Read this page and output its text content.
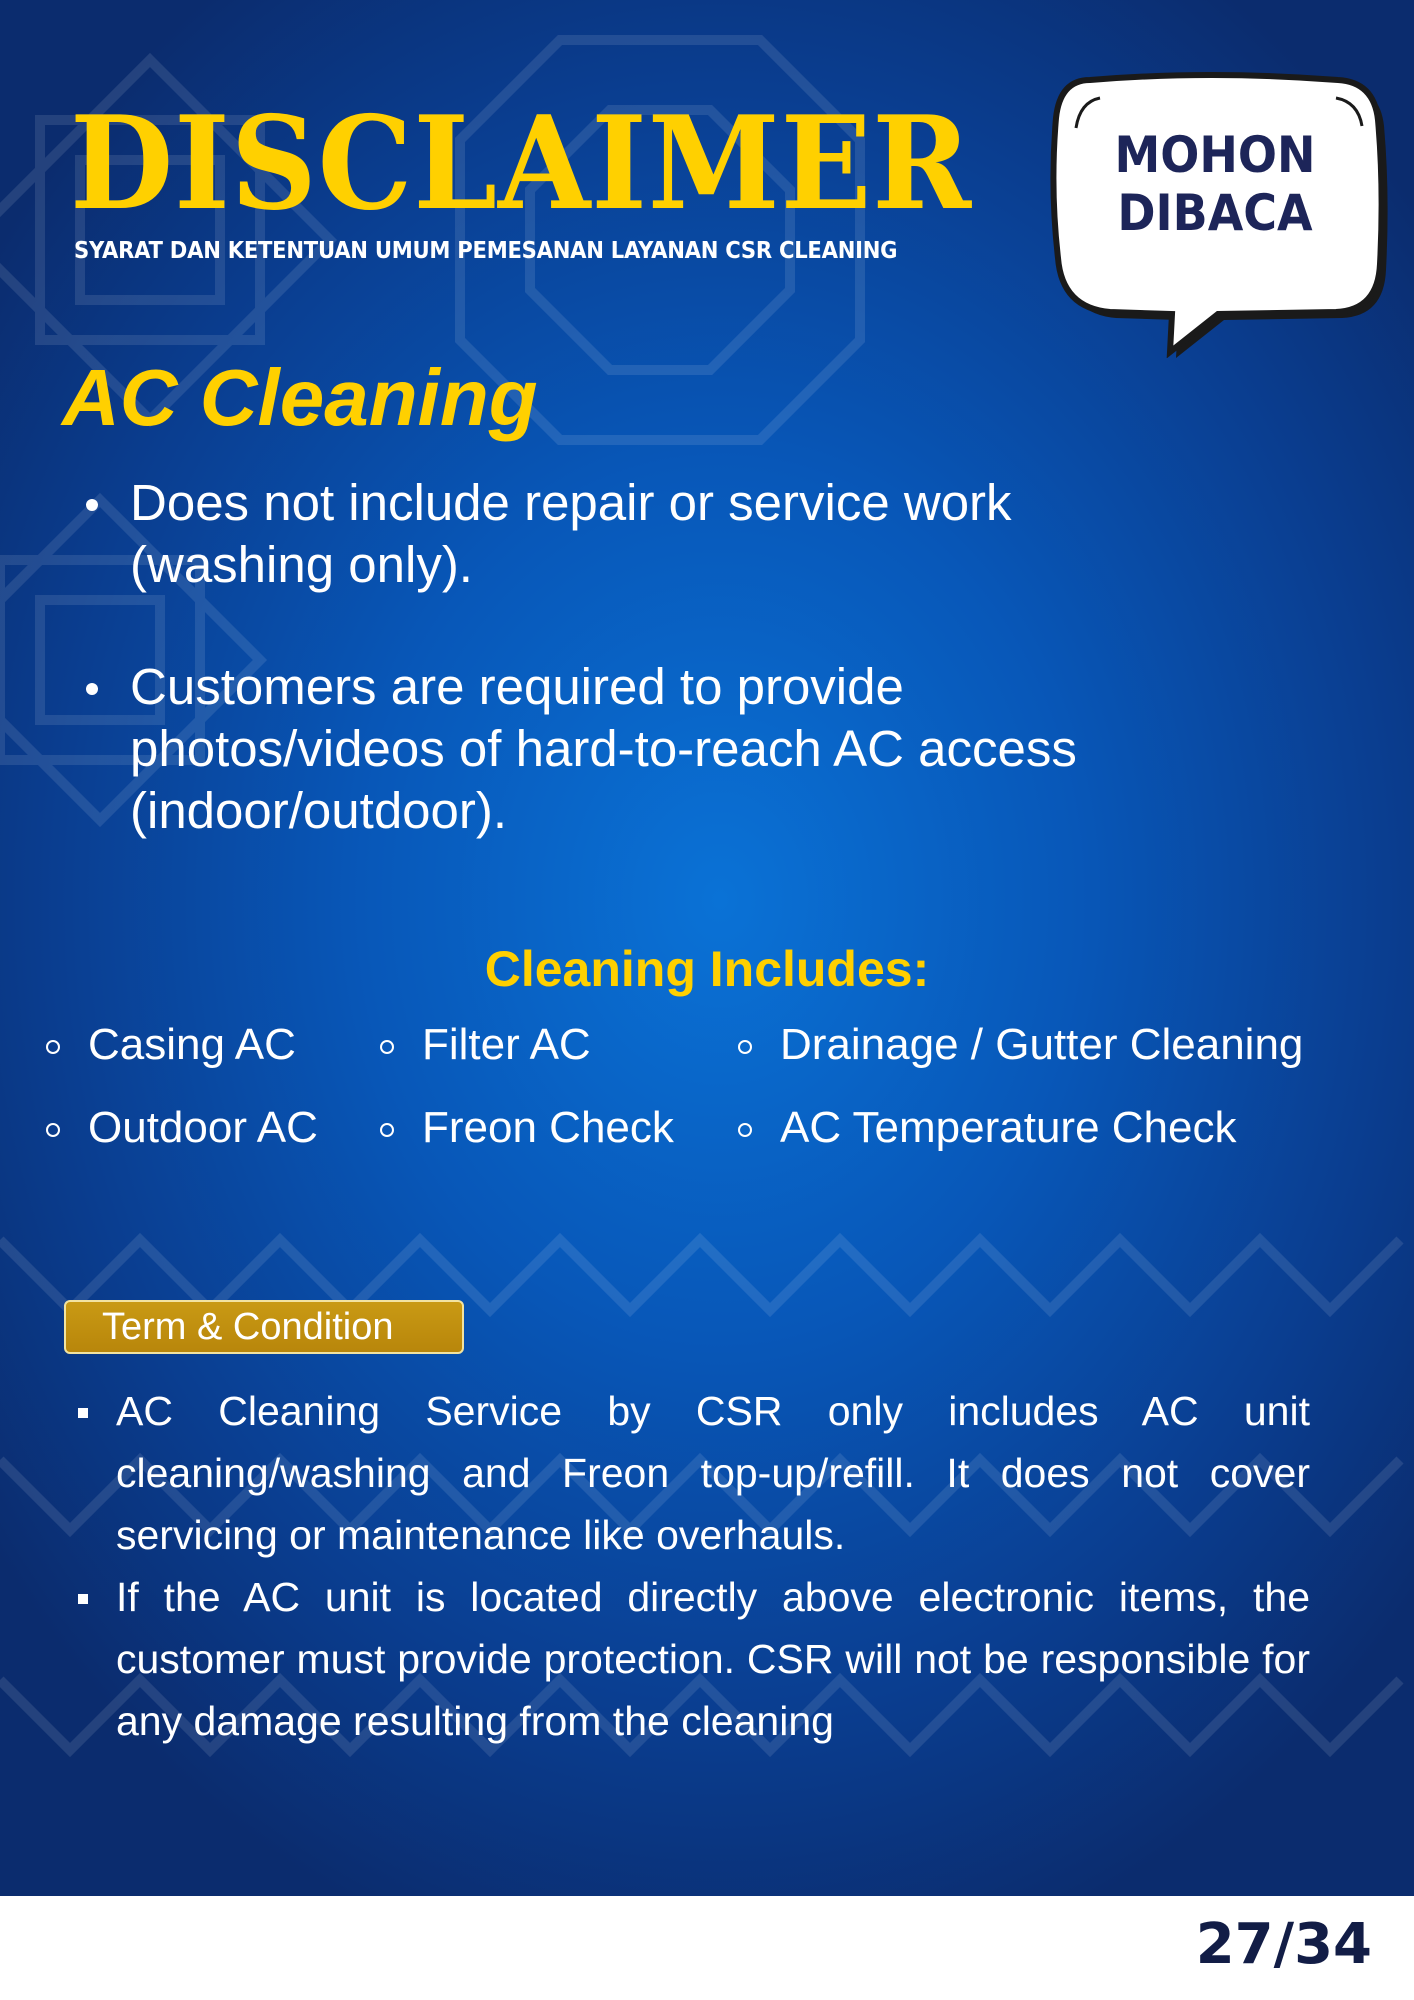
DISCLAIMER

SYARAT DAN KETENTUAN UMUM PEMESANAN LAYANAN CSR CLEANING

MOHON
DIBACA
AC Cleaning
Does not include repair or service work (washing only).
Customers are required to provide photos/videos of hard-to-reach AC access (indoor/outdoor).
Cleaning Includes:
Casing AC	Filter AC	Drainage / Gutter Cleaning
Outdoor AC	Freon Check	AC Temperature Check
Term & Condition
AC Cleaning Service by CSR only includes AC unit cleaning/washing and Freon top-up/refill. It does not cover servicing or maintenance like overhauls.
If the AC unit is located directly above electronic items, the customer must provide protection. CSR will not be responsible for any damage resulting from the cleaning

27/34
